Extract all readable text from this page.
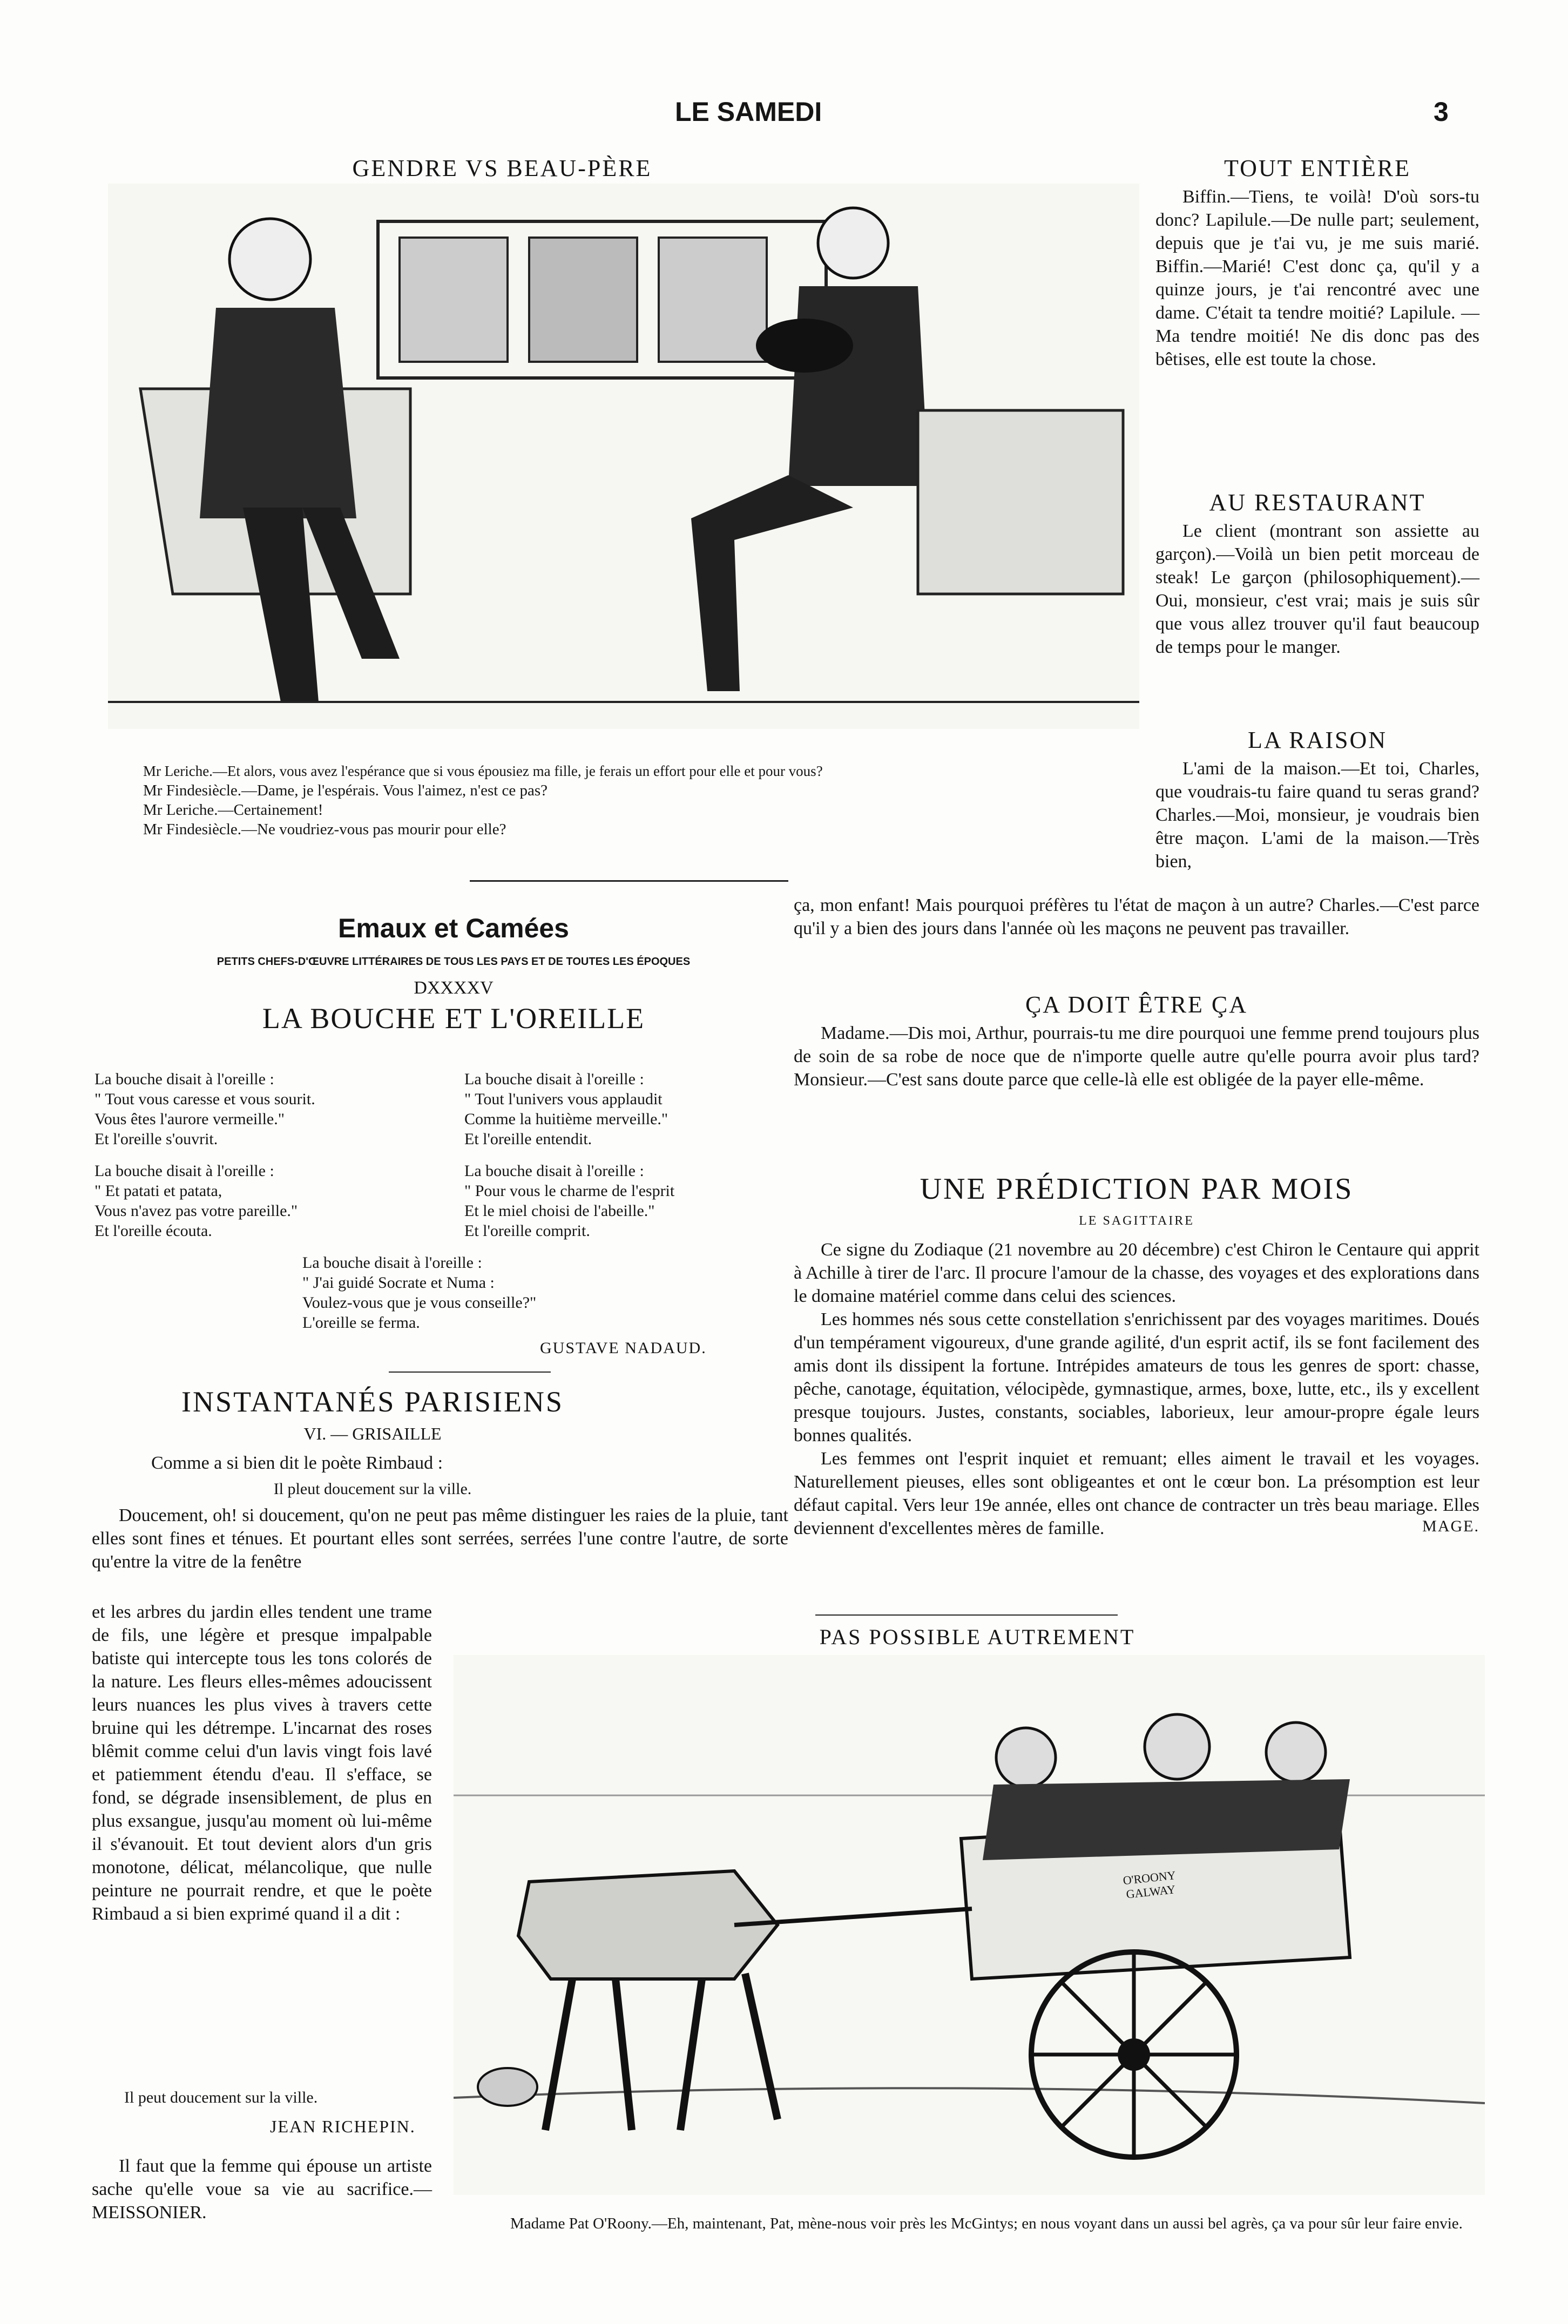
LE SAMEDI	3
GENDRE VS BEAU-PÈRE
Mr Leriche.—Et alors, vous avez l'espérance que si vous épousiez ma fille, je ferais un effort pour elle et pour vous?
Mr Findesiècle.—Dame, je l'espérais. Vous l'aimez, n'est ce pas?
Mr Leriche.—Certainement!
Mr Findesiècle.—Ne voudriez-vous pas mourir pour elle?
TOUT ENTIÈRE

Biffin.—Tiens, te voilà! D'où sors-tu donc? Lapilule.—De nulle part; seulement, depuis que je t'ai vu, je me suis marié. Biffin.—Marié! C'est donc ça, qu'il y a quinze jours, je t'ai rencontré avec une dame. C'était ta tendre moitié? Lapilule. — Ma tendre moitié! Ne dis donc pas des bêtises, elle est toute la chose.

AU RESTAURANT

Le client (montrant son assiette au garçon).—Voilà un bien petit morceau de steak! Le garçon (philosophiquement).—Oui, monsieur, c'est vrai; mais je suis sûr que vous allez trouver qu'il faut beaucoup de temps pour le manger.

LA RAISON

L'ami de la maison.—Et toi, Charles, que voudrais-tu faire quand tu seras grand? Charles.—Moi, monsieur, je voudrais bien être maçon. L'ami de la maison.—Très bien,

ça, mon enfant! Mais pourquoi préfères tu l'état de maçon à un autre? Charles.—C'est parce qu'il y a bien des jours dans l'année où les maçons ne peuvent pas travailler.

ÇA DOIT ÊTRE ÇA

Madame.—Dis moi, Arthur, pourrais-tu me dire pourquoi une femme prend toujours plus de soin de sa robe de noce que de n'importe quelle autre qu'elle pourra avoir plus tard? Monsieur.—C'est sans doute parce que celle-là elle est obligée de la payer elle-même.

UNE PRÉDICTION PAR MOIS
LE SAGITTAIRE

Ce signe du Zodiaque (21 novembre au 20 décembre) c'est Chiron le Centaure qui apprit à Achille à tirer de l'arc. Il procure l'amour de la chasse, des voyages et des explorations dans le domaine matériel comme dans celui des sciences.

Les hommes nés sous cette constellation s'enrichissent par des voyages maritimes. Doués d'un tempérament vigoureux, d'une grande agilité, d'un esprit actif, ils se font facilement des amis dont ils dissipent la fortune. Intrépides amateurs de tous les genres de sport: chasse, pêche, canotage, équitation, vélocipède, gymnastique, armes, boxe, lutte, etc., ils y excellent presque toujours. Justes, constants, sociables, laborieux, leur amour-propre égale leurs bonnes qualités.

Les femmes ont l'esprit inquiet et remuant; elles aiment le travail et les voyages. Naturellement pieuses, elles sont obligeantes et ont le cœur bon. La présomption est leur défaut capital. Vers leur 19e année, elles ont chance de contracter un très beau mariage. Elles deviennent d'excellentes mères de famille.	MAGE.
Emaux et Camées
PETITS CHEFS-D'ŒUVRE LITTÉRAIRES DE TOUS LES PAYS ET DE TOUTES LES ÉPOQUES
DXXXXV
LA BOUCHE ET L'OREILLE
La bouche disait à l'oreille :
" Tout vous caresse et vous sourit.
Vous êtes l'aurore vermeille."
Et l'oreille s'ouvrit.
La bouche disait à l'oreille :
" Tout l'univers vous applaudit
Comme la huitième merveille."
Et l'oreille entendit.
La bouche disait à l'oreille :
" Et patati et patata,
Vous n'avez pas votre pareille."
Et l'oreille écouta.
La bouche disait à l'oreille :
" Pour vous le charme de l'esprit
Et le miel choisi de l'abeille."
Et l'oreille comprit.
La bouche disait à l'oreille :
" J'ai guidé Socrate et Numa :
Voulez-vous que je vous conseille?"
L'oreille se ferma.
GUSTAVE NADAUD.
INSTANTANÉS PARISIENS
VI. — GRISAILLE

Comme a si bien dit le poète Rimbaud :

Il pleut doucement sur la ville.

Doucement, oh! si doucement, qu'on ne peut pas même distinguer les raies de la pluie, tant elles sont fines et ténues. Et pourtant elles sont serrées, serrées l'une contre l'autre, de sorte qu'entre la vitre de la fenêtre

et les arbres du jardin elles tendent une trame de fils, une légère et presque impalpable batiste qui intercepte tous les tons colorés de la nature. Les fleurs elles-mêmes adoucissent leurs nuances les plus vives à travers cette bruine qui les détrempe. L'incarnat des roses blêmit comme celui d'un lavis vingt fois lavé et patiemment étendu d'eau. Il s'efface, se fond, se dégrade insensiblement, de plus en plus exsangue, jusqu'au moment où lui-même il s'évanouit. Et tout devient alors d'un gris monotone, délicat, mélancolique, que nulle peinture ne pourrait rendre, et que le poète Rimbaud a si bien exprimé quand il a dit :

Il peut doucement sur la ville.
JEAN RICHEPIN.

Il faut que la femme qui épouse un artiste sache qu'elle voue sa vie au sacrifice.—MEISSONIER.

PAS POSSIBLE AUTREMENT
O'ROONY GALWAY
Madame Pat O'Roony.—Eh, maintenant, Pat, mène-nous voir près les McGintys; en nous voyant dans un aussi bel agrès, ça va pour sûr leur faire envie.
